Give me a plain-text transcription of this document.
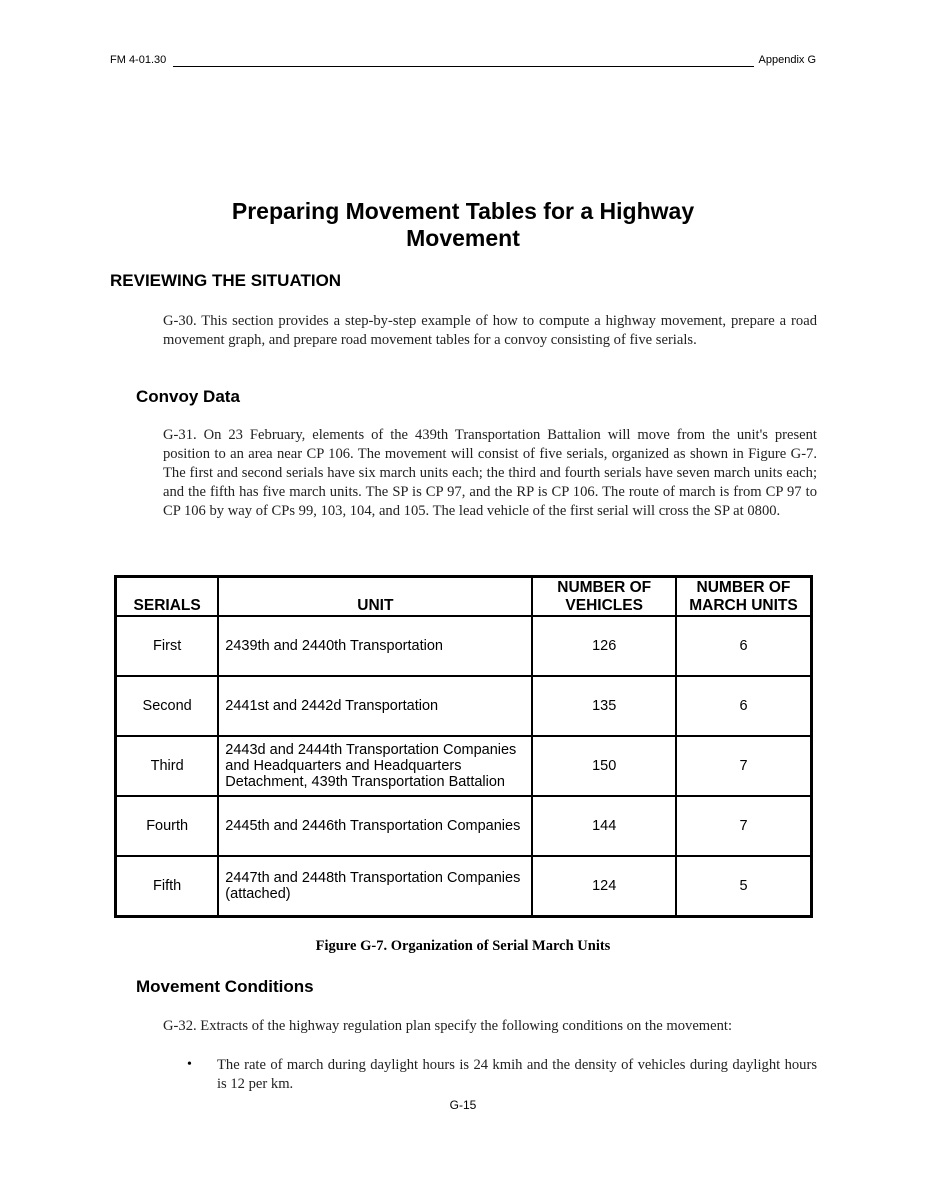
FM 4-01.30	Appendix G
Preparing Movement Tables for a Highway Movement
REVIEWING THE SITUATION
G-30. This section provides a step-by-step example of how to compute a highway movement, prepare a road movement graph, and prepare road movement tables for a convoy consisting of five serials.
Convoy Data
G-31. On 23 February, elements of the 439th Transportation Battalion will move from the unit's present position to an area near CP 106. The movement will consist of five serials, organized as shown in Figure G-7. The first and second serials have six march units each; the third and fourth serials have seven march units each; and the fifth has five march units. The SP is CP 97, and the RP is CP 106. The route of march is from CP 97 to CP 106 by way of CPs 99, 103, 104, and 105. The lead vehicle of the first serial will cross the SP at 0800.
SERIALS	UNIT	NUMBER OF VEHICLES	NUMBER OF MARCH UNITS
First	2439th and 2440th Transportation	126	6
Second	2441st and 2442d Transportation	135	6
Third	2443d and 2444th Transportation Companies and Headquarters and Headquarters Detachment, 439th Transportation Battalion	150	7
Fourth	2445th and 2446th Transportation Companies	144	7
Fifth	2447th and 2448th Transportation Companies (attached)	124	5
Figure G-7. Organization of Serial March Units
Movement Conditions
G-32. Extracts of the highway regulation plan specify the following conditions on the movement:
• The rate of march during daylight hours is 24 kmih and the density of vehicles during daylight hours is 12 per km.
G-15
